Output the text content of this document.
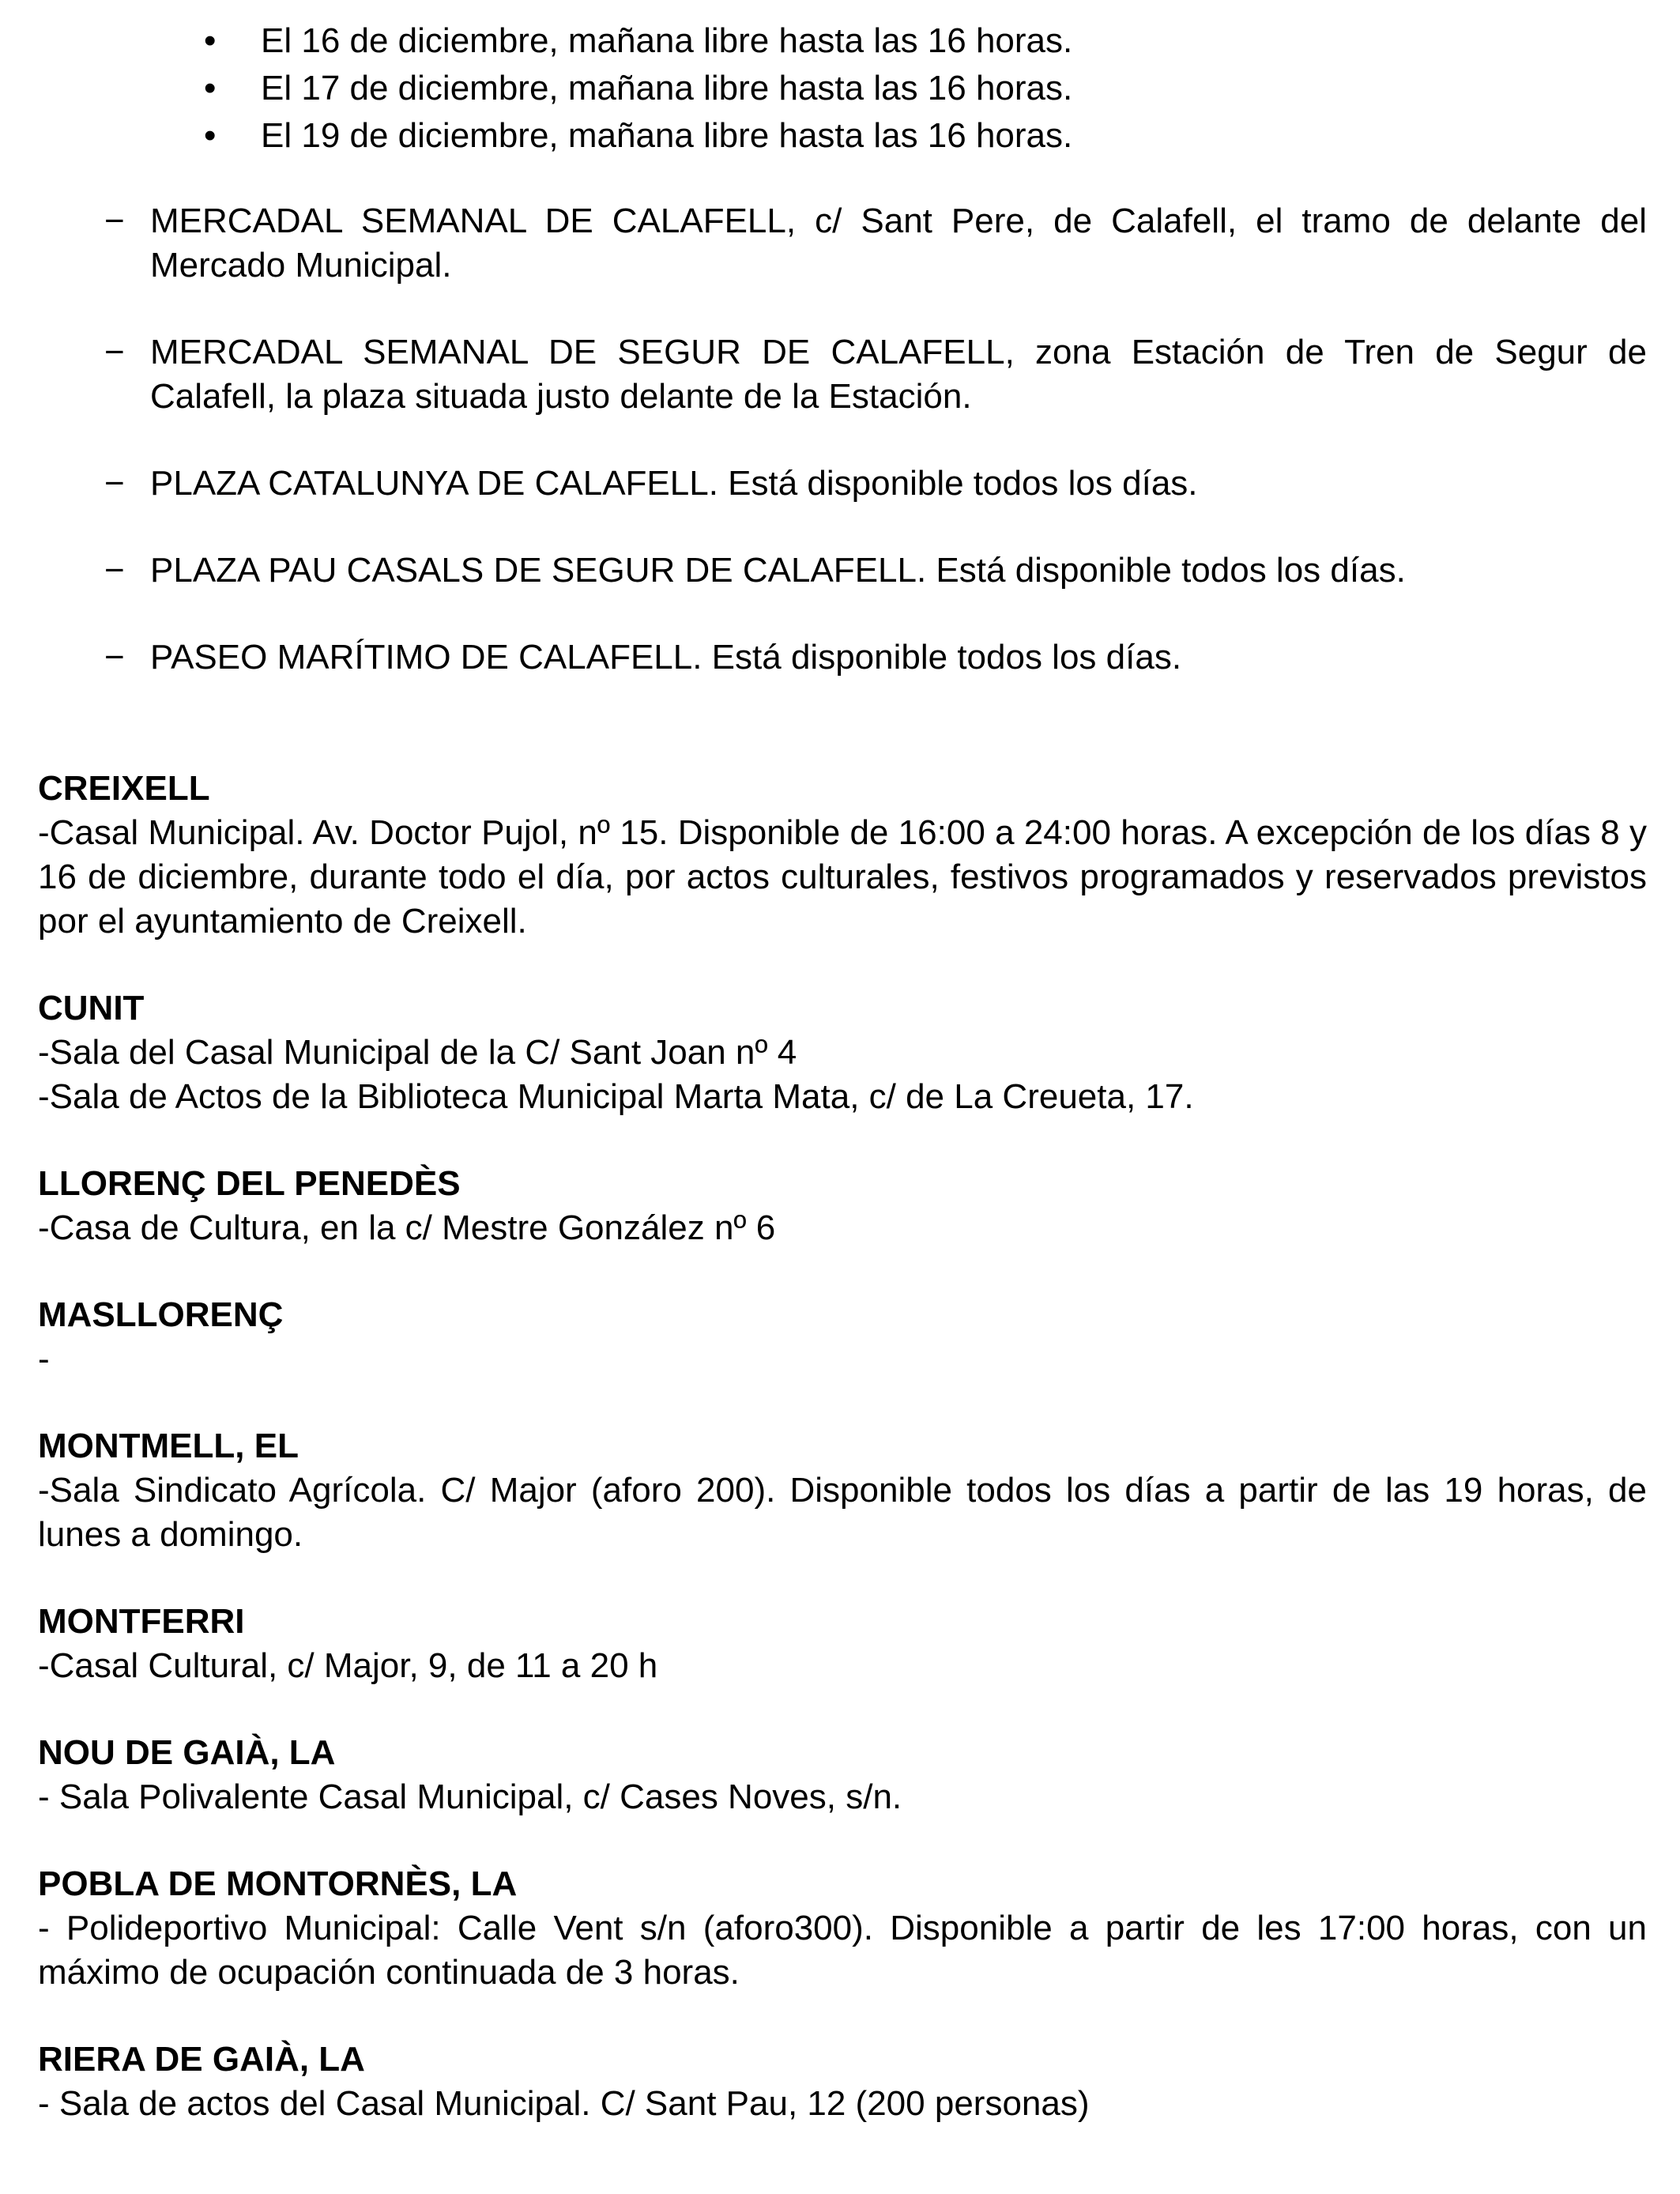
• El 16 de diciembre, mañana libre hasta las 16 horas.
• El 17 de diciembre, mañana libre hasta las 16 horas.
• El 19 de diciembre, mañana libre hasta las 16 horas.
− MERCADAL SEMANAL DE CALAFELL, c/ Sant Pere, de Calafell, el tramo de delante del Mercado Municipal.
− MERCADAL SEMANAL DE SEGUR DE CALAFELL, zona Estación de Tren de Segur de Calafell, la plaza situada justo delante de la Estación.
− PLAZA CATALUNYA DE CALAFELL. Está disponible todos los días.
− PLAZA PAU CASALS DE SEGUR DE CALAFELL. Está disponible todos los días.
− PASEO MARÍTIMO DE CALAFELL. Está disponible todos los días.
CREIXELL

-Casal Municipal. Av. Doctor Pujol, nº 15. Disponible de 16:00 a 24:00 horas. A excepción de los días 8 y 16 de diciembre, durante todo el día, por actos culturales, festivos programados y reservados previstos por el ayuntamiento de Creixell.

CUNIT

-Sala del Casal Municipal de la C/ Sant Joan nº 4

-Sala de Actos de la Biblioteca Municipal Marta Mata, c/ de La Creueta, 17.

LLORENÇ DEL PENEDÈS

-Casa de Cultura, en la c/ Mestre González nº 6

MASLLORENÇ

-

MONTMELL, EL

-Sala Sindicato Agrícola. C/ Major (aforo 200). Disponible todos los días a partir de las 19 horas, de lunes a domingo.

MONTFERRI

-Casal Cultural, c/ Major, 9, de 11 a 20 h

NOU DE GAIÀ, LA

- Sala Polivalente Casal Municipal, c/ Cases Noves, s/n.

POBLA DE MONTORNÈS, LA

- Polideportivo Municipal: Calle Vent s/n (aforo300). Disponible a partir de les 17:00 horas, con un máximo de ocupación continuada de 3 horas.

RIERA DE GAIÀ, LA

- Sala de actos del Casal Municipal. C/ Sant Pau, 12 (200 personas)
